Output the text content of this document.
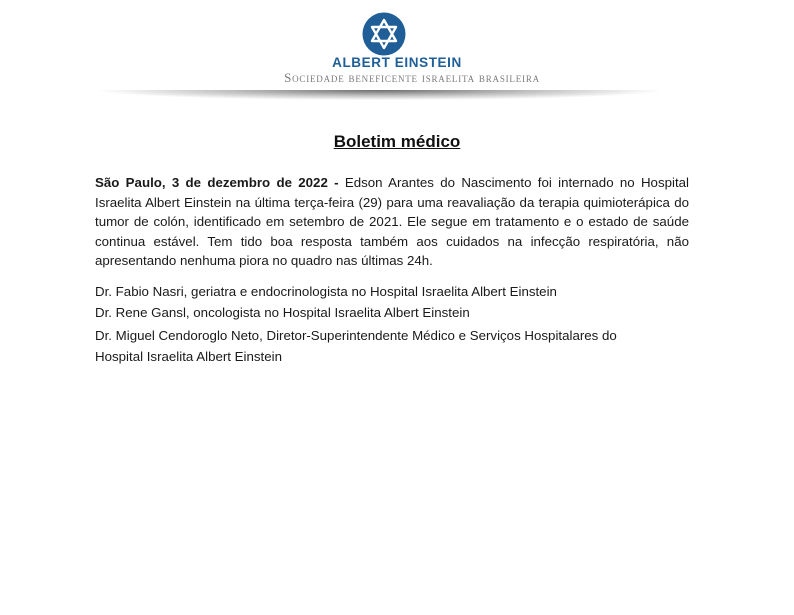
ALBERT EINSTEIN
Sociedade beneficente israelita brasileira
Boletim médico
São Paulo, 3 de dezembro de 2022 - Edson Arantes do Nascimento foi internado no Hospital Israelita Albert Einstein na última terça-feira (29) para uma reavaliação da terapia quimioterápica do tumor de colón, identificado em setembro de 2021. Ele segue em tratamento e o estado de saúde continua estável. Tem tido boa resposta também aos cuidados na infecção respiratória, não apresentando nenhuma piora no quadro nas últimas 24h.
Dr. Fabio Nasri, geriatra e endocrinologista no Hospital Israelita Albert Einstein
Dr. Rene Gansl, oncologista no Hospital Israelita Albert Einstein
Dr. Miguel Cendoroglo Neto, Diretor-Superintendente Médico e Serviços Hospitalares do Hospital Israelita Albert Einstein
